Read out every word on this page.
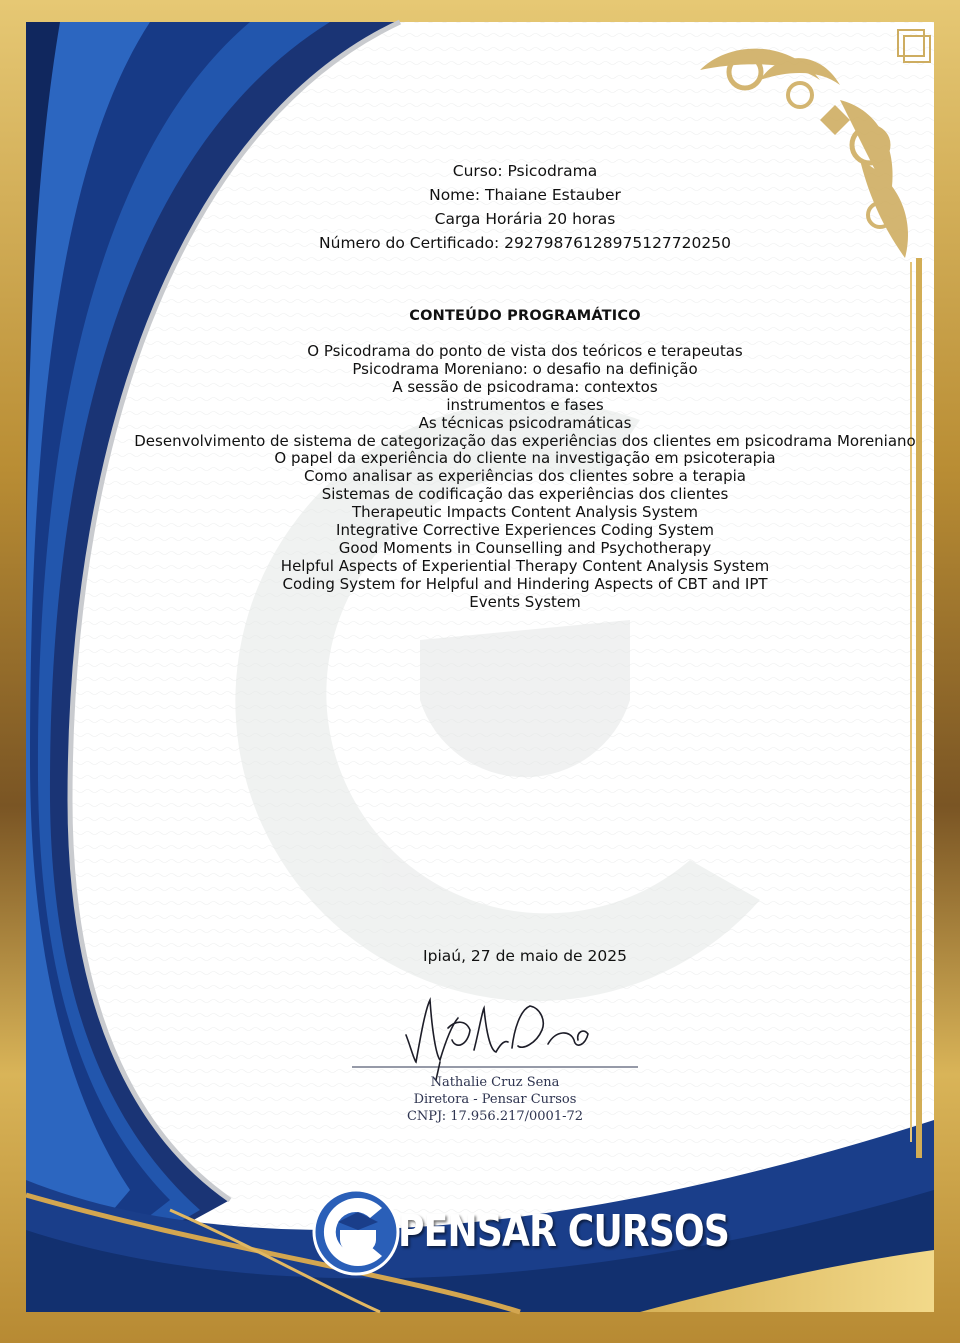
Curso: Psicodrama
Nome: Thaiane Estauber
Carga Horária 20 horas
Número do Certificado: 29279876128975127720250
CONTEÚDO PROGRAMÁTICO
O Psicodrama do ponto de vista dos teóricos e terapeutas
Psicodrama Moreniano: o desafio na definição
A sessão de psicodrama: contextos
instrumentos e fases
As técnicas psicodramáticas
Desenvolvimento de sistema de categorização das experiências dos clientes em psicodrama Moreniano
O papel da experiência do cliente na investigação em psicoterapia
Como analisar as experiências dos clientes sobre a terapia
Sistemas de codificação das experiências dos clientes
Therapeutic Impacts Content Analysis System
Integrative Corrective Experiences Coding System
Good Moments in Counselling and Psychotherapy
Helpful Aspects of Experiential Therapy Content Analysis System
Coding System for Helpful and Hindering Aspects of CBT and IPT
Events System
Ipiaú, 27 de maio de 2025
Nathalie Cruz Sena
Diretora - Pensar Cursos
CNPJ: 17.956.217/0001-72
PENSAR CURSOS
